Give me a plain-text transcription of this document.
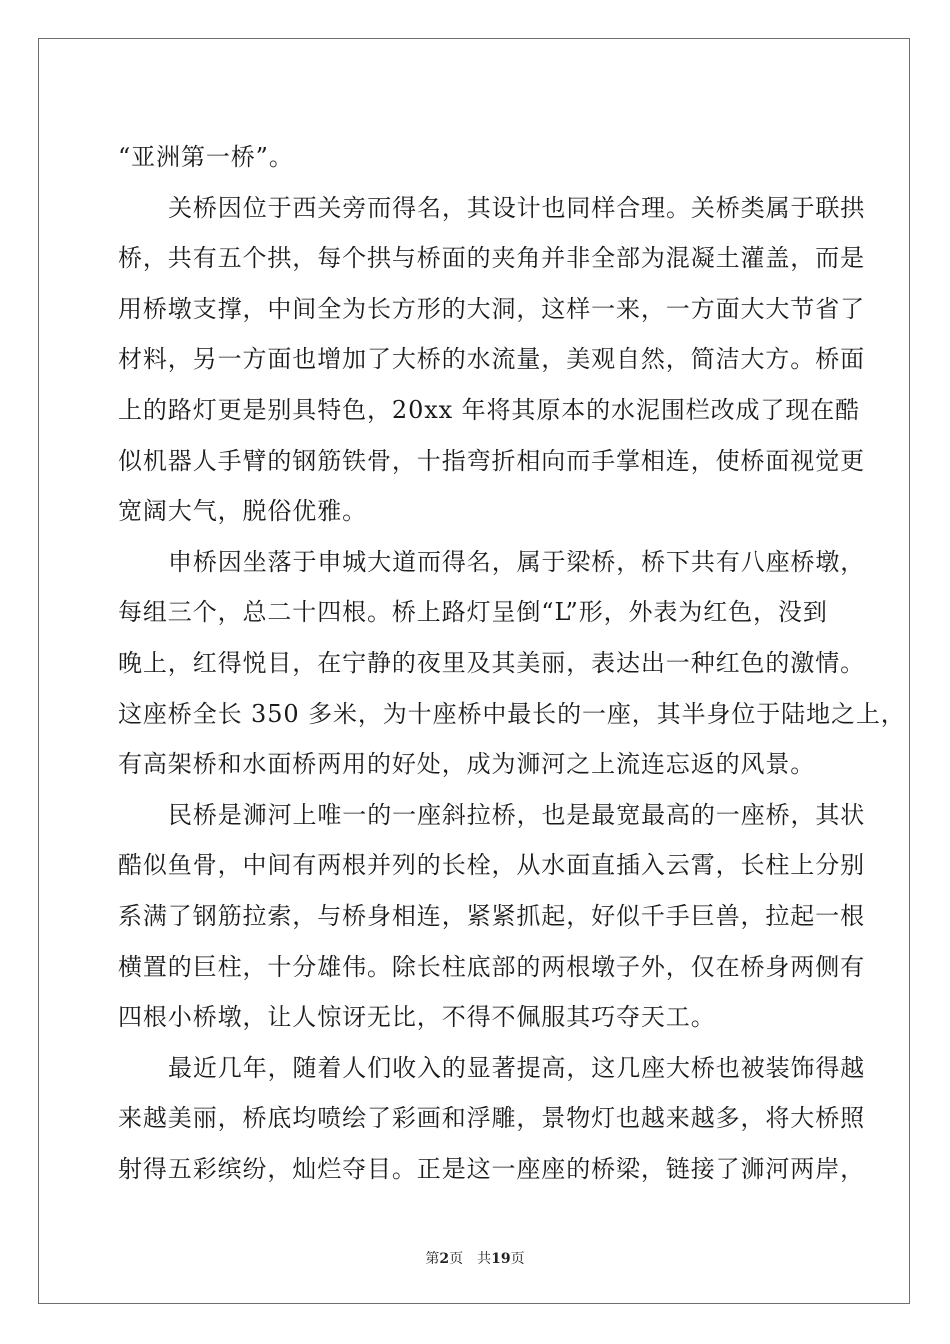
“亚洲第一桥”。
关桥因位于西关旁而得名，其设计也同样合理。关桥类属于联拱
桥，共有五个拱，每个拱与桥面的夹角并非全部为混凝土灌盖，而是
用桥墩支撑，中间全为长方形的大洞，这样一来，一方面大大节省了
材料，另一方面也增加了大桥的水流量，美观自然，简洁大方。桥面
上的路灯更是别具特色，20xx 年将其原本的水泥围栏改成了现在酷
似机器人手臂的钢筋铁骨，十指弯折相向而手掌相连，使桥面视觉更
宽阔大气，脱俗优雅。
申桥因坐落于申城大道而得名，属于梁桥，桥下共有八座桥墩，
每组三个，总二十四根。桥上路灯呈倒“L”形，外表为红色，没到
晚上，红得悦目，在宁静的夜里及其美丽，表达出一种红色的激情。
这座桥全长 350 多米，为十座桥中最长的一座，其半身位于陆地之上，
有高架桥和水面桥两用的好处，成为浉河之上流连忘返的风景。
民桥是浉河上唯一的一座斜拉桥，也是最宽最高的一座桥，其状
酷似鱼骨，中间有两根并列的长栓，从水面直插入云霄，长柱上分别
系满了钢筋拉索，与桥身相连，紧紧抓起，好似千手巨兽，拉起一根
横置的巨柱，十分雄伟。除长柱底部的两根墩子外，仅在桥身两侧有
四根小桥墩，让人惊讶无比，不得不佩服其巧夺天工。
最近几年，随着人们收入的显著提高，这几座大桥也被装饰得越
来越美丽，桥底均喷绘了彩画和浮雕，景物灯也越来越多，将大桥照
射得五彩缤纷，灿烂夺目。正是这一座座的桥梁，链接了浉河两岸，
第2页 共19页
